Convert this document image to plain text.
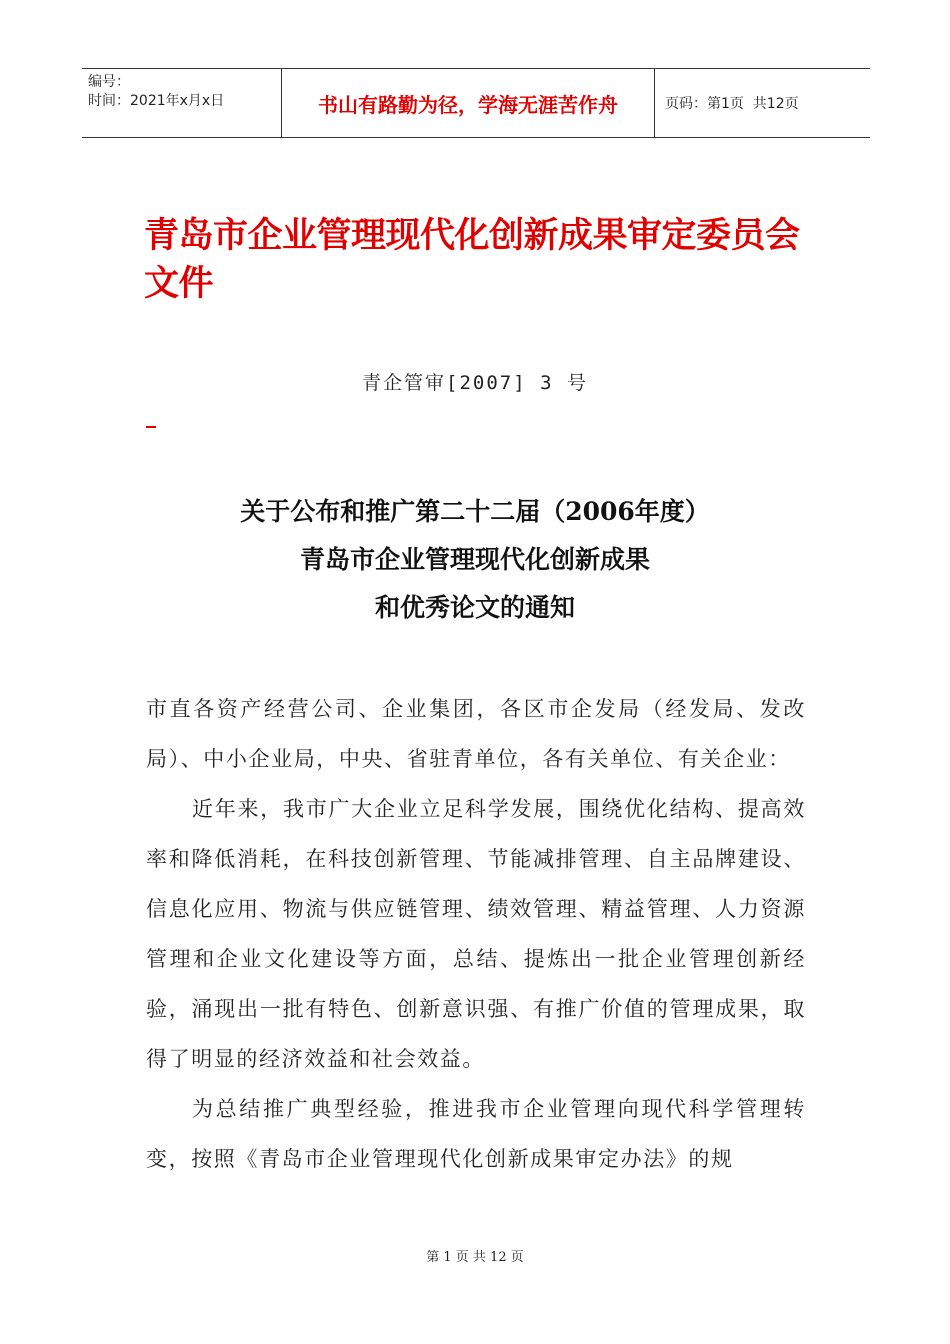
编号：
时间：2021年x月x日	书山有路勤为径，学海无涯苦作舟	页码：第1页  共12页
青岛市企业管理现代化创新成果审定委员会文件
青企管审[2007] 3 号
关于公布和推广第二十二届（2006年度）
青岛市企业管理现代化创新成果
和优秀论文的通知

市直各资产经营公司、企业集团，各区市企发局（经发局、发改局）、中小企业局，中央、省驻青单位，各有关单位、有关企业：

近年来，我市广大企业立足科学发展，围绕优化结构、提高效率和降低消耗，在科技创新管理、节能减排管理、自主品牌建设、信息化应用、物流与供应链管理、绩效管理、精益管理、人力资源管理和企业文化建设等方面，总结、提炼出一批企业管理创新经验，涌现出一批有特色、创新意识强、有推广价值的管理成果，取得了明显的经济效益和社会效益。

为总结推广典型经验，推进我市企业管理向现代科学管理转变，按照《青岛市企业管理现代化创新成果审定办法》的规

第 1 页 共 12 页
